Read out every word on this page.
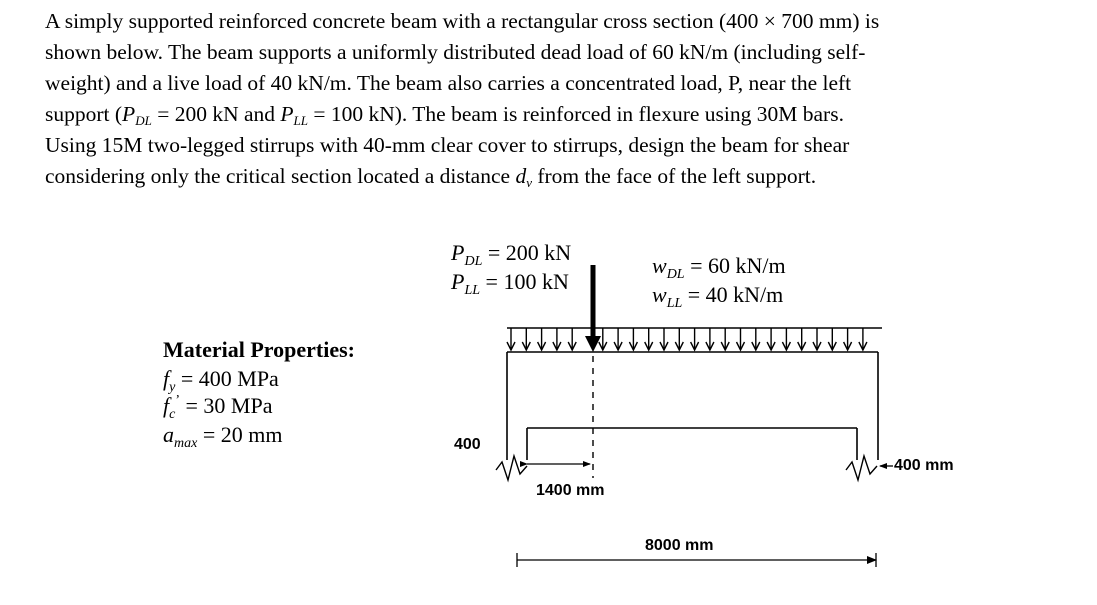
A simply supported reinforced concrete beam with a rectangular cross section (400 × 700 mm) is
shown below. The beam supports a uniformly distributed dead load of 60 kN/m (including self-
weight) and a live load of 40 kN/m. The beam also carries a concentrated load, P, near the left
support ($P_{DL} = 200$ kN and $P_{LL} = 100$ kN). The beam is reinforced in flexure using 30M bars.
Using 15M two-legged stirrups with 40-mm clear cover to stirrups, design the beam for shear
considering only the critical section located a distance $d_v$ from the face of the left support.
Material Properties:
$f_y = 400$ MPa
$f_c^’ = 30$ MPa
$a_{max} = 20$ mm
$P_{DL} = 200$ kN
$P_{LL} = 100$ kN
$w_{DL} = 60$ kN/m
$w_{LL} = 40$ kN/m
1400 mm
400
400 mm
8000 mm
